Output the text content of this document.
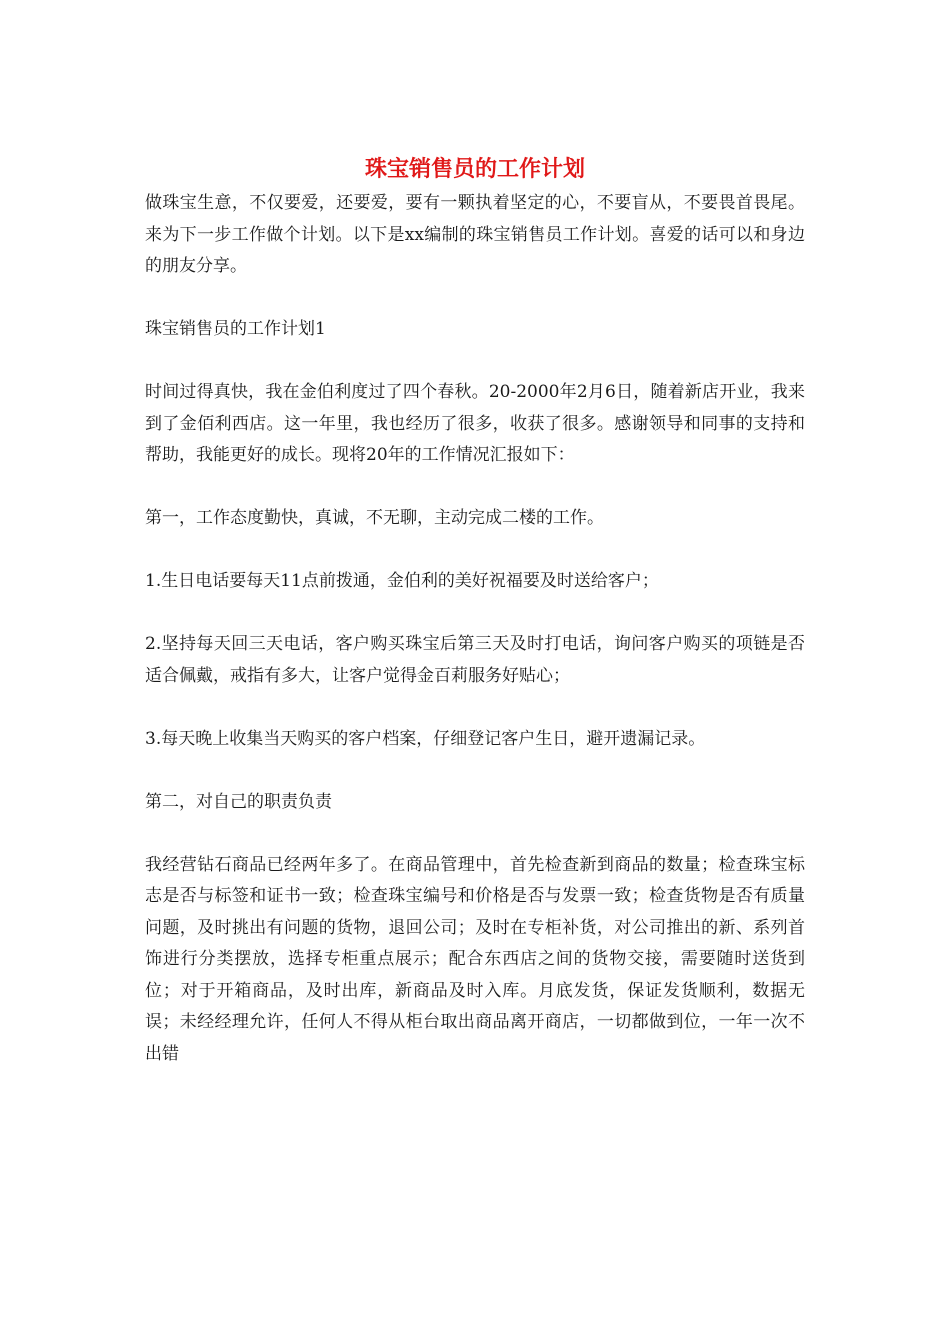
珠宝销售员的工作计划

做珠宝生意，不仅要爱，还要爱，要有一颗执着坚定的心，不要盲从，不要畏首畏尾。来为下一步工作做个计划。以下是xx编制的珠宝销售员工作计划。喜爱的话可以和身边的朋友分享。

珠宝销售员的工作计划1

时间过得真快，我在金伯利度过了四个春秋。20-2000年2月6日，随着新店开业，我来到了金佰利西店。这一年里，我也经历了很多，收获了很多。感谢领导和同事的支持和帮助，我能更好的成长。现将20年的工作情况汇报如下：

第一，工作态度勤快，真诚，不无聊，主动完成二楼的工作。

1.生日电话要每天11点前拨通，金伯利的美好祝福要及时送给客户；

2.坚持每天回三天电话，客户购买珠宝后第三天及时打电话，询问客户购买的项链是否适合佩戴，戒指有多大，让客户觉得金百莉服务好贴心；

3.每天晚上收集当天购买的客户档案，仔细登记客户生日，避开遗漏记录。

第二，对自己的职责负责

我经营钻石商品已经两年多了。在商品管理中，首先检查新到商品的数量；检查珠宝标志是否与标签和证书一致；检查珠宝编号和价格是否与发票一致；检查货物是否有质量问题，及时挑出有问题的货物，退回公司；及时在专柜补货，对公司推出的新、系列首饰进行分类摆放，选择专柜重点展示；配合东西店之间的货物交接，需要随时送货到位；对于开箱商品，及时出库，新商品及时入库。月底发货，保证发货顺利，数据无误；未经经理允许，任何人不得从柜台取出商品离开商店，一切都做到位，一年一次不出错
